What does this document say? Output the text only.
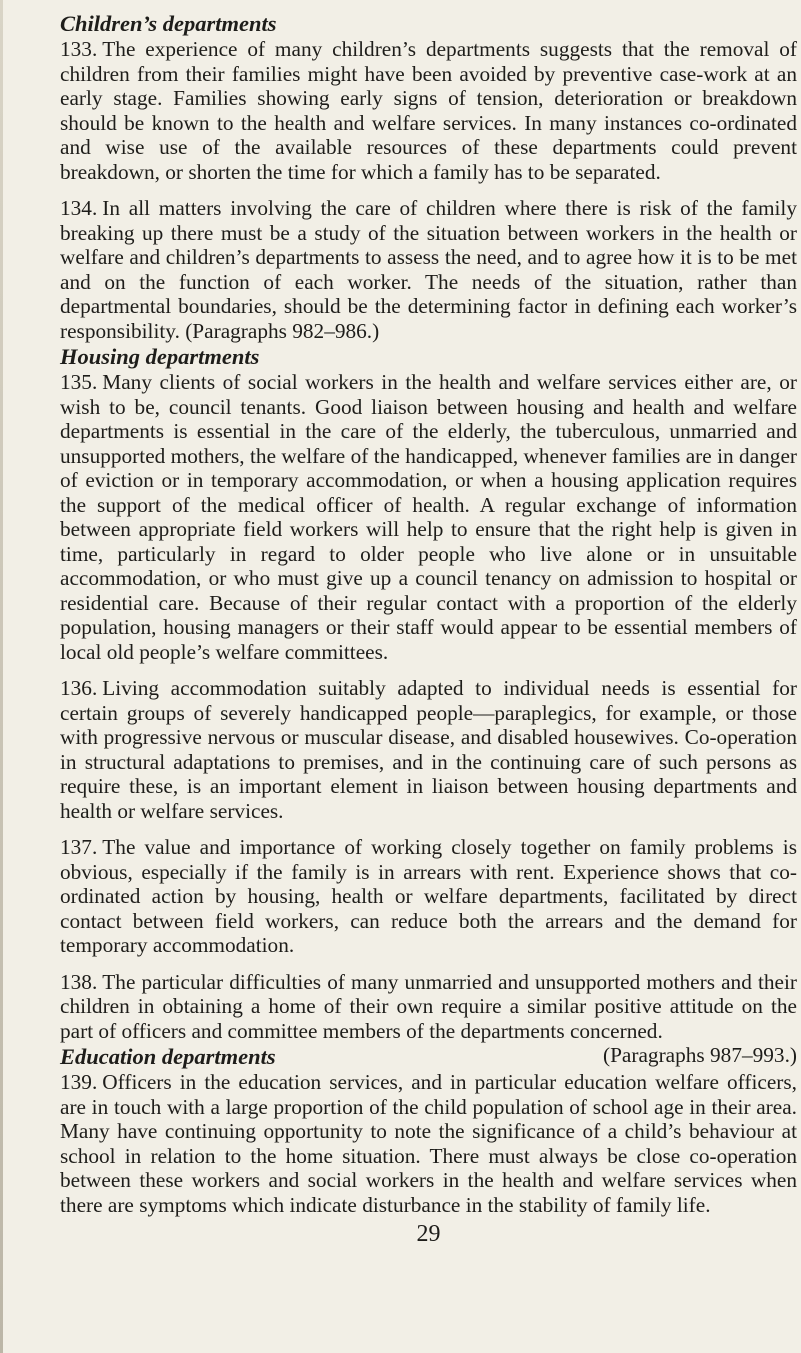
Children’s departments

133. The experience of many children’s departments suggests that the removal of children from their families might have been avoided by preventive case-work at an early stage. Families showing early signs of tension, deterioration or breakdown should be known to the health and welfare services. In many instances co-ordinated and wise use of the available resources of these departments could prevent breakdown, or shorten the time for which a family has to be separated.

134. In all matters involving the care of children where there is risk of the family breaking up there must be a study of the situation between workers in the health or welfare and children’s departments to assess the need, and to agree how it is to be met and on the function of each worker. The needs of the situation, rather than departmental boundaries, should be the determining factor in defining each worker’s responsibility. (Paragraphs 982–986.)

Housing departments

135. Many clients of social workers in the health and welfare services either are, or wish to be, council tenants. Good liaison between housing and health and welfare departments is essential in the care of the elderly, the tuberculous, unmarried and unsupported mothers, the welfare of the handicapped, whenever families are in danger of eviction or in temporary accommodation, or when a housing application requires the support of the medical officer of health. A regular exchange of information between appropriate field workers will help to ensure that the right help is given in time, particularly in regard to older people who live alone or in unsuitable accommodation, or who must give up a council tenancy on admission to hospital or residential care. Because of their regular contact with a proportion of the elderly population, housing managers or their staff would appear to be essential members of local old people’s welfare committees.

136. Living accommodation suitably adapted to individual needs is essential for certain groups of severely handicapped people—paraplegics, for example, or those with progressive nervous or muscular disease, and disabled housewives. Co-operation in structural adaptations to premises, and in the continuing care of such persons as require these, is an important element in liaison between housing departments and health or welfare services.

137. The value and importance of working closely together on family problems is obvious, especially if the family is in arrears with rent. Experience shows that co-ordinated action by housing, health or welfare departments, facilitated by direct contact between field workers, can reduce both the arrears and the demand for temporary accommodation.

138. The particular difficulties of many unmarried and unsupported mothers and their children in obtaining a home of their own require a similar positive attitude on the part of officers and committee members of the departments concerned.
(Paragraphs 987–993.)

Education departments

139. Officers in the education services, and in particular education welfare officers, are in touch with a large proportion of the child population of school age in their area. Many have continuing opportunity to note the significance of a child’s behaviour at school in relation to the home situation. There must always be close co-operation between these workers and social workers in the health and welfare services when there are symptoms which indicate disturbance in the stability of family life.

29
